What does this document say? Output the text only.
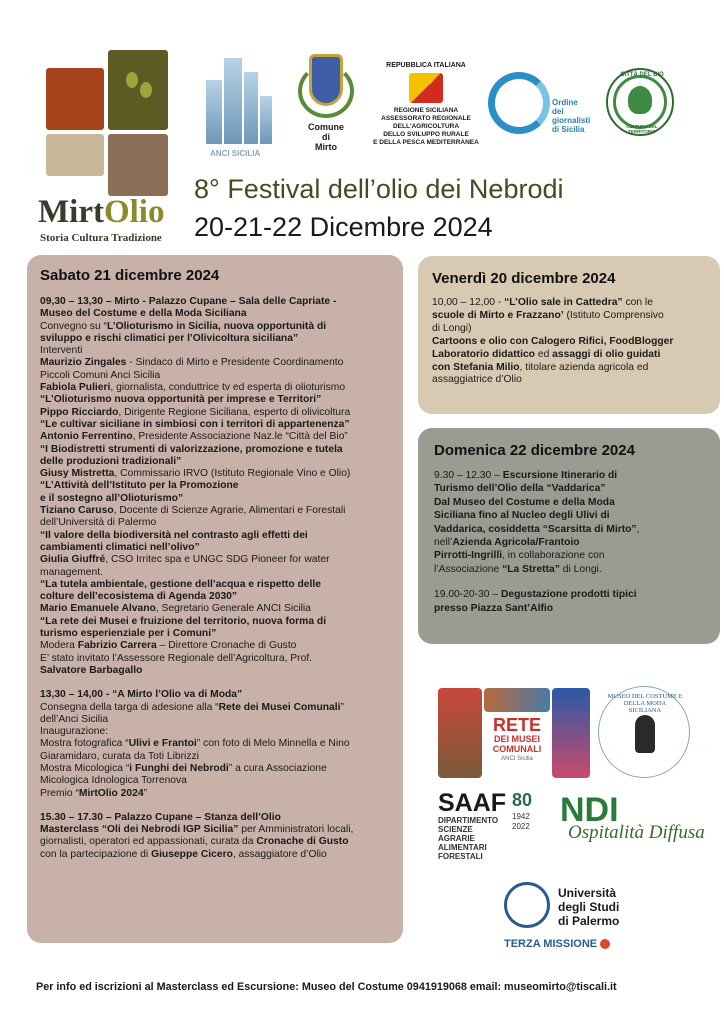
MirtOlio
Storia Cultura Tradizione
ANCI SICILIA
Comune
di
Mirto
REPUBBLICA ITALIANA
REGIONE SICILIANA
ASSESSORATO REGIONALE
DELL'AGRICOLTURA
DELLO SVILUPPO RURALE
E DELLA PESCA MEDITERRANEA
Ordine
dei
giornalisti
di Sicilia
CITTÀ DEL BIO
CULTURA DEL TERRITORIO
8° Festival dell’olio dei Nebrodi
20-21-22 Dicembre 2024
Sabato 21 dicembre 2024
09,30 – 13,30 – Mirto - Palazzo Cupane – Sala delle Capriate -
Museo del Costume e della Moda Siciliana
Convegno su “L’Olioturismo in Sicilia, nuova opportunità di
sviluppo e rischi climatici per l’Olivicoltura siciliana”
Interventi
Maurizio Zingales - Sindaco di Mirto e Presidente Coordinamento
Piccoli Comuni Anci Sicilia
Fabiola Pulieri, giornalista, conduttrice tv ed esperta di olioturismo
“L’Olioturismo nuova opportunità per imprese e Territori”
Pippo Ricciardo, Dirigente Regione Siciliana, esperto di olivicoltura
“Le cultivar siciliane in simbiosi con i territori di appartenenza”
Antonio Ferrentino, Presidente Associazione Naz.le “Città del Bio”
“I Biodistretti strumenti di valorizzazione, promozione e tutela
delle produzioni tradizionali”
Giusy Mistretta, Commissario IRVO (Istituto Regionale Vino e Olio)
“L’Attività dell’Istituto per la Promozione
e il sostegno all’Olioturismo”
Tiziano Caruso, Docente di Scienze Agrarie, Alimentari e Forestali
dell’Università di Palermo
“Il valore della biodiversità nel contrasto agli effetti dei
cambiamenti climatici nell’olivo”
Giulia Giuffré, CSO Irritec spa e UNGC SDG Pioneer for water
management.
“La tutela ambientale, gestione dell’acqua e rispetto delle
colture dell’ecosistema di Agenda 2030”
Mario Emanuele Alvano, Segretario Generale ANCI Sicilia
“La rete dei Musei e fruizione del territorio, nuova forma di
turismo esperienziale per i Comuni”
Modera Fabrizio Carrera – Direttore Cronache di Gusto
E’ stato invitato l’Assessore Regionale dell’Agricoltura, Prof.
Salvatore Barbagallo
13,30 – 14,00 - “A Mirto l’Olio va di Moda”
Consegna della targa di adesione alla “Rete dei Musei Comunali”
dell’Anci Sicilia
Inaugurazione:
Mostra fotografica “Ulivi e Frantoi” con foto di Melo Minnella e Nino
Giaramidaro, curata da Toti Librizzi
Mostra Micologica “i Funghi dei Nebrodi” a cura Associazione
Micologica Idnologica Torrenova
Premio “MirtOlio 2024”
15.30 – 17.30 – Palazzo Cupane – Stanza dell’Olio
Masterclass “Oli dei Nebrodi IGP Sicilia” per Amministratori locali,
giornalisti, operatori ed appassionati, curata da Cronache di Gusto
con la partecipazione di Giuseppe Cicero, assaggiatore d’Olio
Venerdì 20 dicembre 2024
10,00 – 12,00 - “L’Olio sale in Cattedra” con le
scuole di Mirto e Frazzano’ (Istituto Comprensivo
di Longi)
Cartoons e olio con Calogero Rifici, FoodBlogger
Laboratorio didattico ed assaggi di olio guidati
con Stefania Milio, titolare azienda agricola ed
assaggiatrice d’Olio
Domenica 22 dicembre 2024
9.30 – 12.30 – Escursione Itinerario di
Turismo dell’Olio della “Vaddarica”
Dal Museo del Costume e della Moda
Siciliana fino al Nucleo degli Ulivi di
Vaddarica, cosiddetta “Scarsitta di Mirto”,
nell’Azienda Agricola/Frantoio
Pirrotti-Ingrillì, in collaborazione con
l’Associazione “La Stretta” di Longi.
19.00-20-30 – Degustazione prodotti tipici
presso Piazza Sant’Alfio
RETE
DEI MUSEI
COMUNALI
ANCI Sicilia
MUSEO DEL COSTUME E DELLA MODA SICILIANA
SAAF
DIPARTIMENTO
SCIENZE
AGRARIE
ALIMENTARI
FORESTALI
80
1942
2022 NDI
Ospitalità Diffusa
Università
degli Studi
di Palermo
TERZA MISSIONE
Per info ed iscrizioni al Masterclass ed Escursione: Museo del Costume 0941919068 email: museomirto@tiscali.it
